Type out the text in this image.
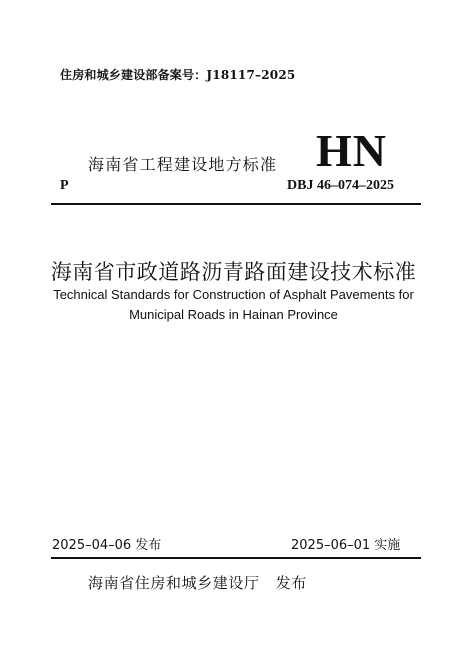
住房和城乡建设部备案号：J18117–2025
海南省工程建设地方标准 HN
P	DBJ 46–074–2025
海南省市政道路沥青路面建设技术标准
Technical Standards for Construction of Asphalt Pavements for
Municipal Roads in Hainan Province
2025–04–06 发布	2025–06–01 实施
海南省住房和城乡建设厅   发布
